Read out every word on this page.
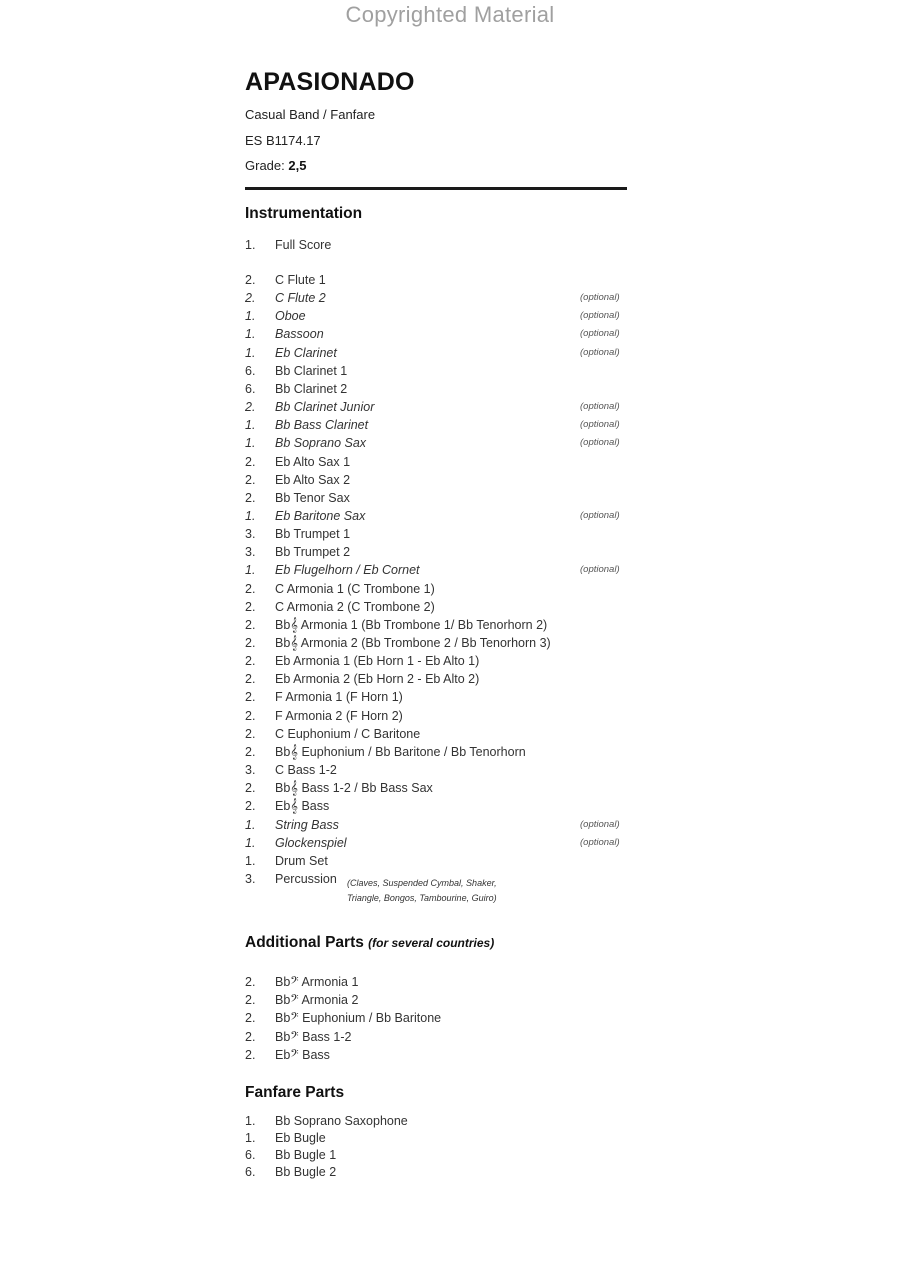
Copyrighted Material
APASIONADO
Casual Band / Fanfare
ES B1174.17
Grade: 2,5
Instrumentation
1.	Full Score
2.	C Flute 1
2.	C Flute 2	(optional)
1.	Oboe	(optional)
1.	Bassoon	(optional)
1.	Eb Clarinet	(optional)
6.	Bb Clarinet 1
6.	Bb Clarinet 2
2.	Bb Clarinet Junior	(optional)
1.	Bb Bass Clarinet	(optional)
1.	Bb Soprano Sax	(optional)
2.	Eb Alto Sax 1
2.	Eb Alto Sax 2
2.	Bb Tenor Sax
1.	Eb Baritone Sax	(optional)
3.	Bb Trumpet 1
3.	Bb Trumpet 2
1.	Eb Flugelhorn / Eb Cornet	(optional)
2.	C Armonia 1 (C Trombone 1)
2.	C Armonia 2 (C Trombone 2)
2.	Bb𝄞 Armonia 1 (Bb Trombone 1/ Bb Tenorhorn 2)
2.	Bb𝄞 Armonia 2 (Bb Trombone 2 / Bb Tenorhorn 3)
2.	Eb Armonia 1 (Eb Horn 1 - Eb Alto 1)
2.	Eb Armonia 2 (Eb Horn 2 - Eb Alto 2)
2.	F Armonia 1 (F Horn 1)
2.	F Armonia 2 (F Horn 2)
2.	C Euphonium / C Baritone
2.	Bb𝄞 Euphonium / Bb Baritone / Bb Tenorhorn
3.	C Bass 1-2
2.	Bb𝄞 Bass 1-2 / Bb Bass Sax
2.	Eb𝄞 Bass
1.	String Bass	(optional)
1.	Glockenspiel	(optional)
1.	Drum Set
3.	Percussion (Claves, Suspended Cymbal, Shaker,
Triangle, Bongos, Tambourine, Guiro)
Additional Parts (for several countries)
2.	Bb𝄢 Armonia 1
2.	Bb𝄢 Armonia 2
2.	Bb𝄢 Euphonium / Bb Baritone
2.	Bb𝄢 Bass 1-2
2.	Eb𝄢 Bass
Fanfare Parts
1.	Bb Soprano Saxophone
1.	Eb Bugle
6.	Bb Bugle 1
6.	Bb Bugle 2
